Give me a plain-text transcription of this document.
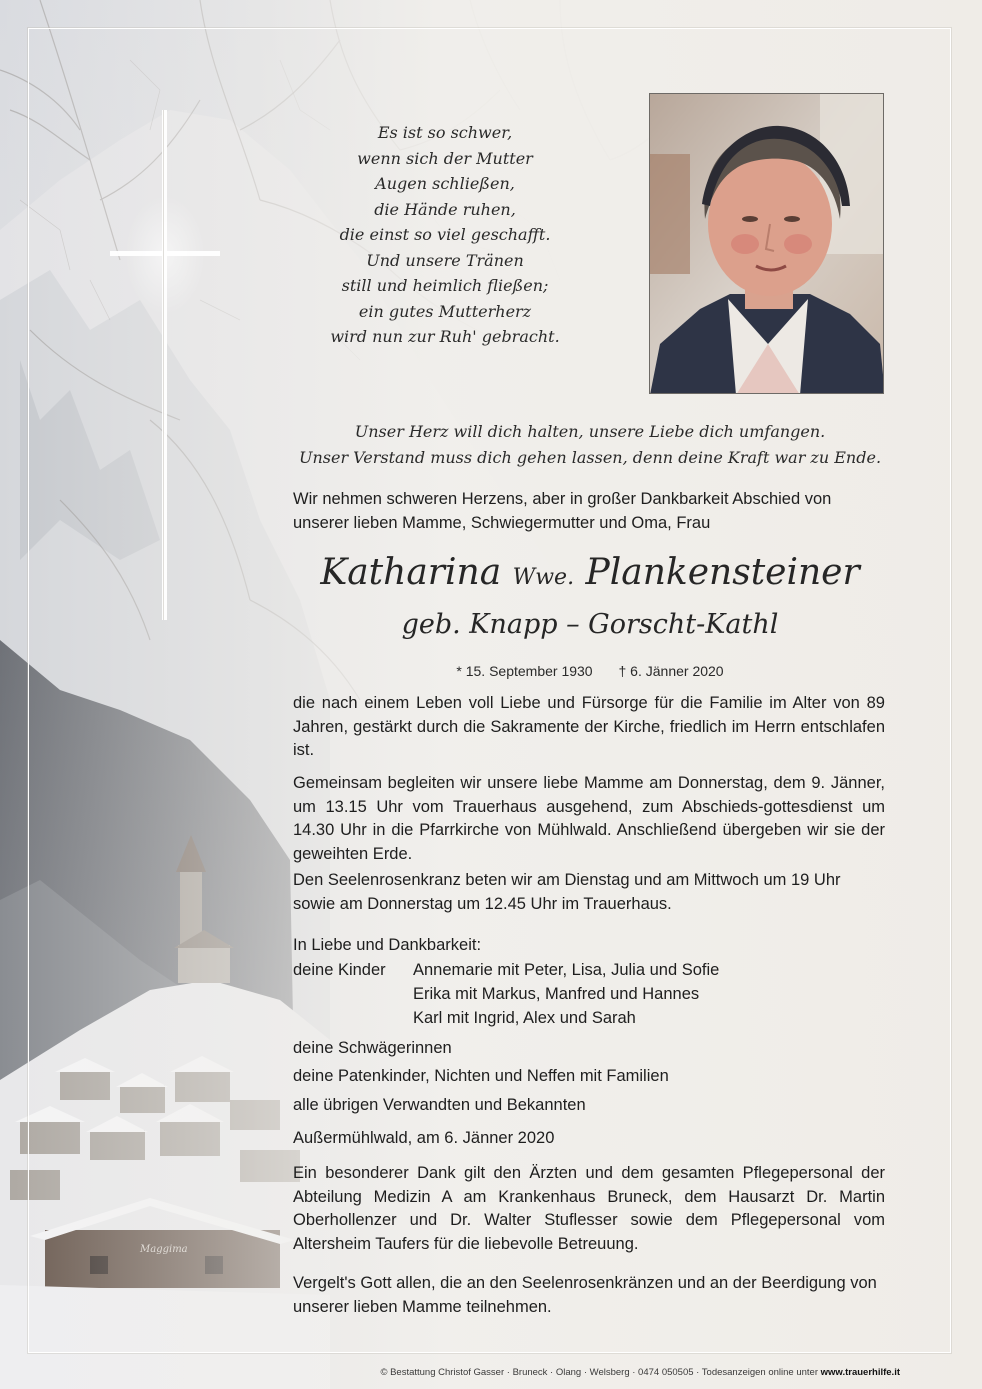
Es ist so schwer,
wenn sich der Mutter
Augen schließen,
die Hände ruhen,
die einst so viel geschafft.
Und unsere Tränen
still und heimlich fließen;
ein gutes Mutterherz
wird nun zur Ruh' gebracht.
Unser Herz will dich halten, unsere Liebe dich umfangen.
Unser Verstand muss dich gehen lassen, denn deine Kraft war zu Ende.
Wir nehmen schweren Herzens, aber in großer Dankbarkeit Abschied von unserer lieben Mamme, Schwiegermutter und Oma, Frau
Katharina Wwe. Plankensteiner
geb. Knapp – Gorscht-Kathl
* 15. September 1930 † 6. Jänner 2020
die nach einem Leben voll Liebe und Fürsorge für die Familie im Alter von 89 Jahren, gestärkt durch die Sakramente der Kirche, friedlich im Herrn entschlafen ist.
Gemeinsam begleiten wir unsere liebe Mamme am Donnerstag, dem 9. Jänner, um 13.15 Uhr vom Trauerhaus ausgehend, zum Abschieds-gottesdienst um 14.30 Uhr in die Pfarrkirche von Mühlwald. Anschließend übergeben wir sie der geweihten Erde.
Den Seelenrosenkranz beten wir am Dienstag und am Mittwoch um 19 Uhr sowie am Donnerstag um 12.45 Uhr im Trauerhaus.
In Liebe und Dankbarkeit:
deine Kinder	Annemarie mit Peter, Lisa, Julia und Sofie
Erika mit Markus, Manfred und Hannes
Karl mit Ingrid, Alex und Sarah
deine Schwägerinnen
deine Patenkinder, Nichten und Neffen mit Familien
alle übrigen Verwandten und Bekannten
Außermühlwald, am 6. Jänner 2020
Ein besonderer Dank gilt den Ärzten und dem gesamten Pflegepersonal der Abteilung Medizin A am Krankenhaus Bruneck, dem Hausarzt Dr. Martin Oberhollenzer und Dr. Walter Stuflesser sowie dem Pflegepersonal vom Altersheim Taufers für die liebevolle Betreuung.
Vergelt's Gott allen, die an den Seelenrosenkränzen und an der Beerdigung von unserer lieben Mamme teilnehmen.
© Bestattung Christof Gasser · Bruneck · Olang · Welsberg · 0474 050505 · Todesanzeigen online unter www.trauerhilfe.it
